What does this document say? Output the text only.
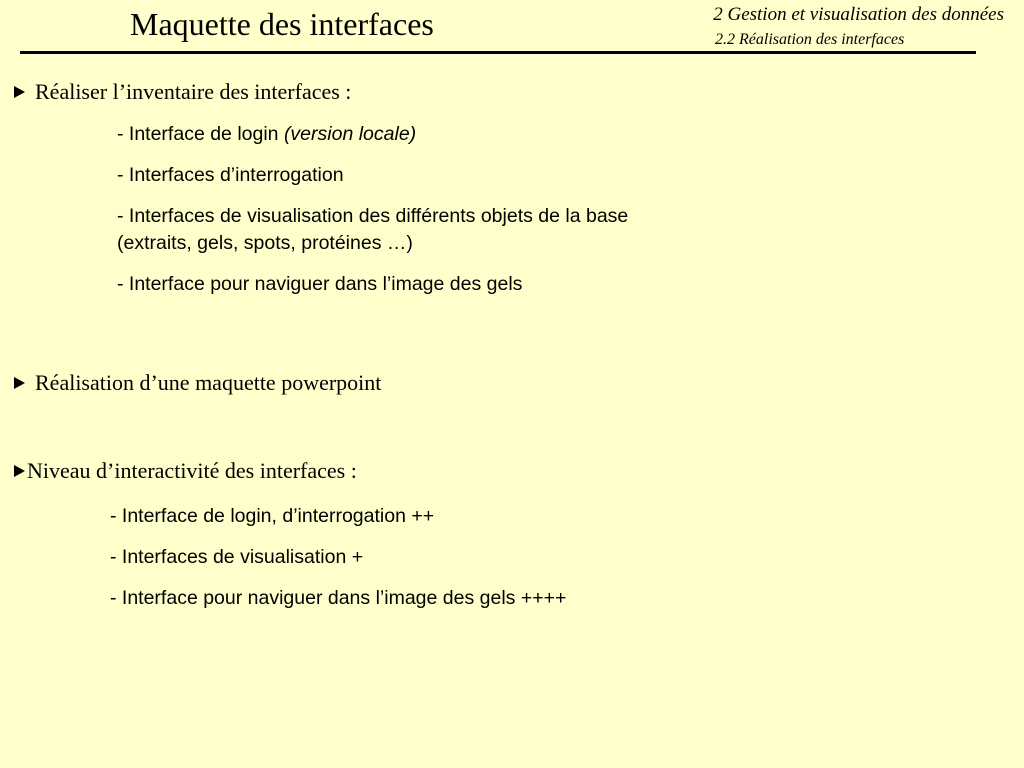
Maquette des interfaces	2 Gestion et visualisation des données
2.2 Réalisation des interfaces
Réaliser l’inventaire des interfaces :
- Interface de login (version locale)
- Interfaces d’interrogation
- Interfaces de visualisation des différents objets de la base
(extraits, gels, spots, protéines …)
- Interface pour naviguer dans l’image des gels
Réalisation d’une maquette powerpoint
Niveau d’interactivité des interfaces :
- Interface de login, d’interrogation ++
- Interfaces de visualisation +
- Interface pour naviguer dans l’image des gels ++++
